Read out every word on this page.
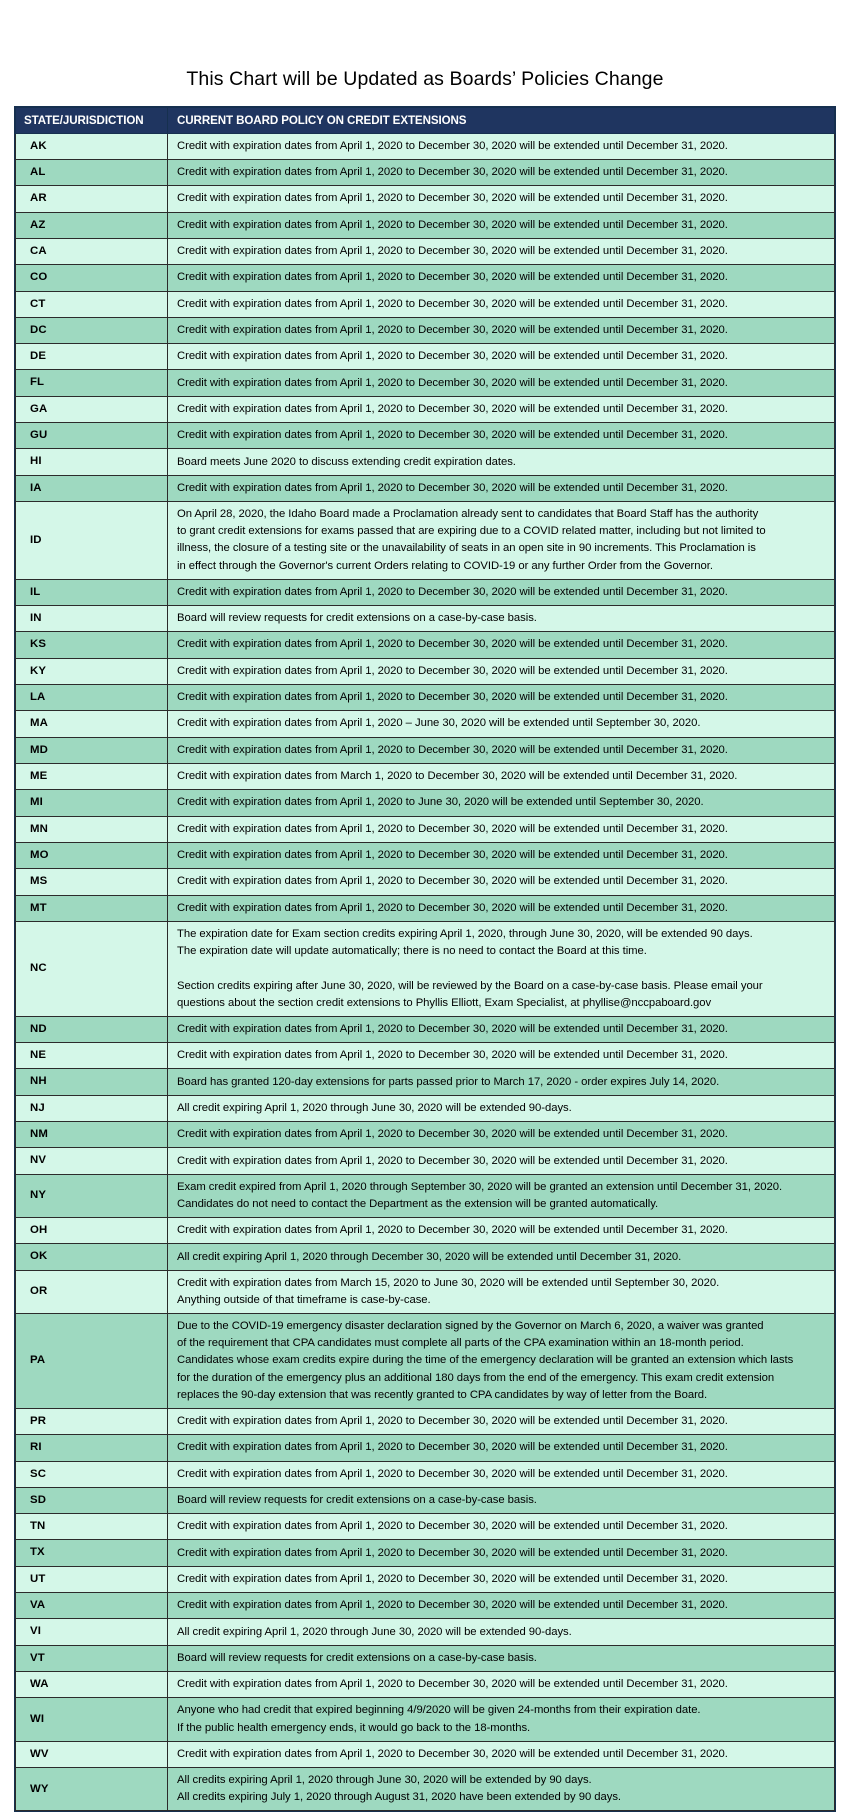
This Chart will be Updated as Boards’ Policies Change
STATE/JURISDICTION	CURRENT BOARD POLICY ON CREDIT EXTENSIONS
AK	Credit with expiration dates from April 1, 2020 to December 30, 2020 will be extended until December 31, 2020.

AL	Credit with expiration dates from April 1, 2020 to December 30, 2020 will be extended until December 31, 2020.

AR	Credit with expiration dates from April 1, 2020 to December 30, 2020 will be extended until December 31, 2020.

AZ	Credit with expiration dates from April 1, 2020 to December 30, 2020 will be extended until December 31, 2020.

CA	Credit with expiration dates from April 1, 2020 to December 30, 2020 will be extended until December 31, 2020.

CO	Credit with expiration dates from April 1, 2020 to December 30, 2020 will be extended until December 31, 2020.

CT	Credit with expiration dates from April 1, 2020 to December 30, 2020 will be extended until December 31, 2020.

DC	Credit with expiration dates from April 1, 2020 to December 30, 2020 will be extended until December 31, 2020.

DE	Credit with expiration dates from April 1, 2020 to December 30, 2020 will be extended until December 31, 2020.

FL	Credit with expiration dates from April 1, 2020 to December 30, 2020 will be extended until December 31, 2020.

GA	Credit with expiration dates from April 1, 2020 to December 30, 2020 will be extended until December 31, 2020.

GU	Credit with expiration dates from April 1, 2020 to December 30, 2020 will be extended until December 31, 2020.

HI	Board meets June 2020 to discuss extending credit expiration dates.

IA	Credit with expiration dates from April 1, 2020 to December 30, 2020 will be extended until December 31, 2020.

ID	On April 28, 2020, the Idaho Board made a Proclamation already sent to candidates that Board Staff has the authority

to grant credit extensions for exams passed that are expiring due to a COVID related matter, including but not limited to

illness, the closure of a testing site or the unavailability of seats in an open site in 90 increments. This Proclamation is

in effect through the Governor's current Orders relating to COVID-19 or any further Order from the Governor.

IL	Credit with expiration dates from April 1, 2020 to December 30, 2020 will be extended until December 31, 2020.

IN	Board will review requests for credit extensions on a case-by-case basis.

KS	Credit with expiration dates from April 1, 2020 to December 30, 2020 will be extended until December 31, 2020.

KY	Credit with expiration dates from April 1, 2020 to December 30, 2020 will be extended until December 31, 2020.

LA	Credit with expiration dates from April 1, 2020 to December 30, 2020 will be extended until December 31, 2020.

MA	Credit with expiration dates from April 1, 2020 – June 30, 2020 will be extended until September 30, 2020.

MD	Credit with expiration dates from April 1, 2020 to December 30, 2020 will be extended until December 31, 2020.

ME	Credit with expiration dates from March 1, 2020 to December 30, 2020 will be extended until December 31, 2020.

MI	Credit with expiration dates from April 1, 2020 to June 30, 2020 will be extended until September 30, 2020.

MN	Credit with expiration dates from April 1, 2020 to December 30, 2020 will be extended until December 31, 2020.

MO	Credit with expiration dates from April 1, 2020 to December 30, 2020 will be extended until December 31, 2020.

MS	Credit with expiration dates from April 1, 2020 to December 30, 2020 will be extended until December 31, 2020.

MT	Credit with expiration dates from April 1, 2020 to December 30, 2020 will be extended until December 31, 2020.

NC	The expiration date for Exam section credits expiring April 1, 2020, through June 30, 2020, will be extended 90 days.

The expiration date will update automatically; there is no need to contact the Board at this time.

Section credits expiring after June 30, 2020, will be reviewed by the Board on a case-by-case basis. Please email your

questions about the section credit extensions to Phyllis Elliott, Exam Specialist, at phyllise@nccpaboard.gov

ND	Credit with expiration dates from April 1, 2020 to December 30, 2020 will be extended until December 31, 2020.

NE	Credit with expiration dates from April 1, 2020 to December 30, 2020 will be extended until December 31, 2020.

NH	Board has granted 120-day extensions for parts passed prior to March 17, 2020 - order expires July 14, 2020.

NJ	All credit expiring April 1, 2020 through June 30, 2020 will be extended 90-days.

NM	Credit with expiration dates from April 1, 2020 to December 30, 2020 will be extended until December 31, 2020.

NV	Credit with expiration dates from April 1, 2020 to December 30, 2020 will be extended until December 31, 2020.

NY	Exam credit expired from April 1, 2020 through September 30, 2020 will be granted an extension until December 31, 2020.

Candidates do not need to contact the Department as the extension will be granted automatically.

OH	Credit with expiration dates from April 1, 2020 to December 30, 2020 will be extended until December 31, 2020.

OK	All credit expiring April 1, 2020 through December 30, 2020 will be extended until December 31, 2020.

OR	Credit with expiration dates from March 15, 2020 to June 30, 2020 will be extended until September 30, 2020.

Anything outside of that timeframe is case-by-case.

PA	Due to the COVID-19 emergency disaster declaration signed by the Governor on March 6, 2020, a waiver was granted

of the requirement that CPA candidates must complete all parts of the CPA examination within an 18-month period.

Candidates whose exam credits expire during the time of the emergency declaration will be granted an extension which lasts

for the duration of the emergency plus an additional 180 days from the end of the emergency. This exam credit extension

replaces the 90-day extension that was recently granted to CPA candidates by way of letter from the Board.

PR	Credit with expiration dates from April 1, 2020 to December 30, 2020 will be extended until December 31, 2020.

RI	Credit with expiration dates from April 1, 2020 to December 30, 2020 will be extended until December 31, 2020.

SC	Credit with expiration dates from April 1, 2020 to December 30, 2020 will be extended until December 31, 2020.

SD	Board will review requests for credit extensions on a case-by-case basis.

TN	Credit with expiration dates from April 1, 2020 to December 30, 2020 will be extended until December 31, 2020.

TX	Credit with expiration dates from April 1, 2020 to December 30, 2020 will be extended until December 31, 2020.

UT	Credit with expiration dates from April 1, 2020 to December 30, 2020 will be extended until December 31, 2020.

VA	Credit with expiration dates from April 1, 2020 to December 30, 2020 will be extended until December 31, 2020.

VI	All credit expiring April 1, 2020 through June 30, 2020 will be extended 90-days.

VT	Board will review requests for credit extensions on a case-by-case basis.

WA	Credit with expiration dates from April 1, 2020 to December 30, 2020 will be extended until December 31, 2020.

WI	Anyone who had credit that expired beginning 4/9/2020 will be given 24-months from their expiration date.

If the public health emergency ends, it would go back to the 18-months.

WV	Credit with expiration dates from April 1, 2020 to December 30, 2020 will be extended until December 31, 2020.

WY	All credits expiring April 1, 2020 through June 30, 2020 will be extended by 90 days.

All credits expiring July 1, 2020 through August 31, 2020 have been extended by 90 days.
